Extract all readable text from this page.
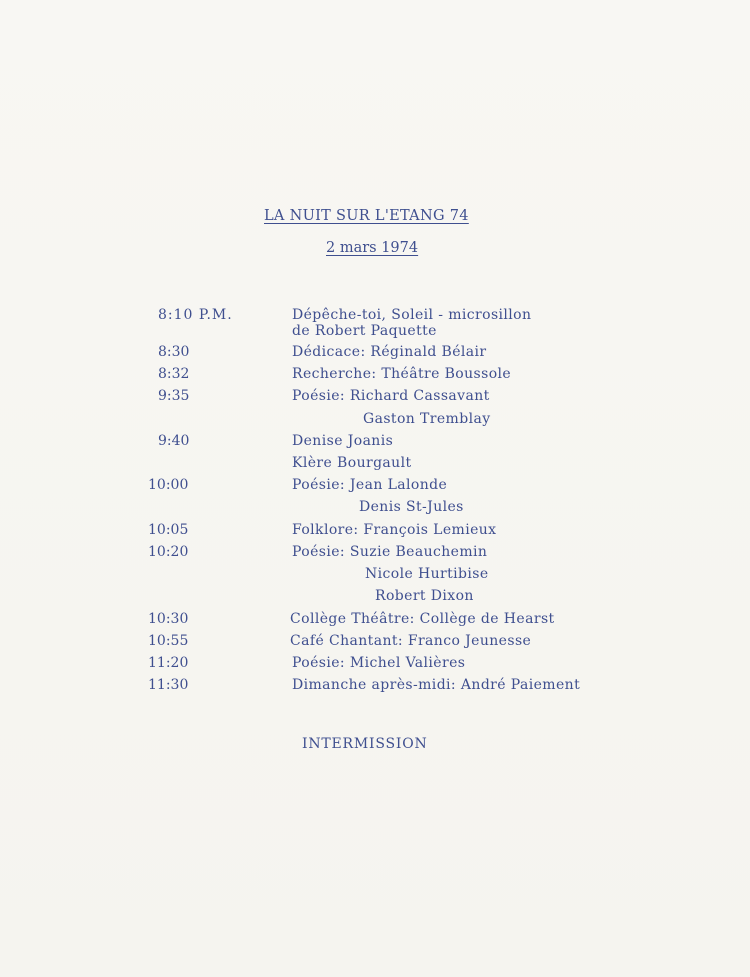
LA NUIT SUR L'ETANG 74
2 mars 1974
8:10 P.M.	Dépêche-toi, Soleil - microsillon
de Robert Paquette
8:30	Dédicace: Réginald Bélair
8:32	Recherche: Théâtre Boussole
9:35	Poésie: Richard Cassavant
Gaston Tremblay
9:40	Denise Joanis
Klère Bourgault
10:00	Poésie: Jean Lalonde
Denis St-Jules
10:05	Folklore: François Lemieux
10:20	Poésie: Suzie Beauchemin
Nicole Hurtibise
Robert Dixon
10:30	Collège Théâtre: Collège de Hearst
10:55	Café Chantant: Franco Jeunesse
11:20	Poésie: Michel Valières
11:30	Dimanche après-midi: André Paiement
INTERMISSION
